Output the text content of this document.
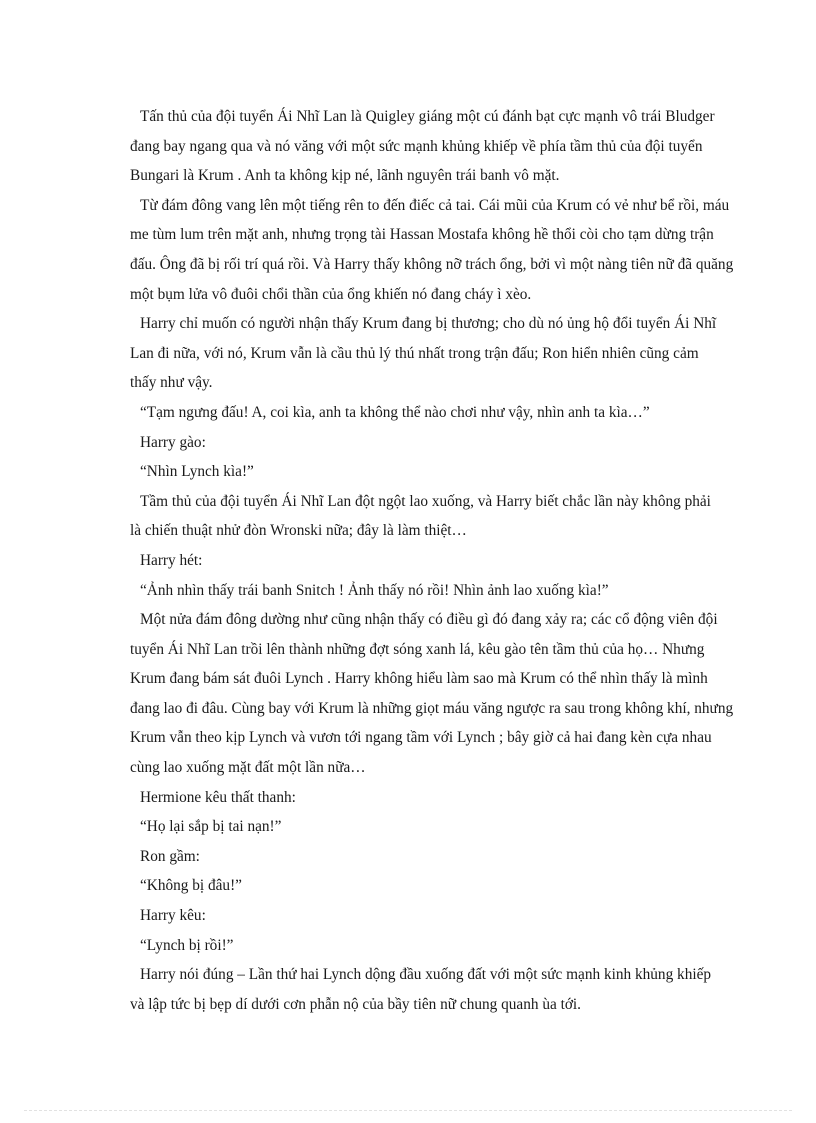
Tấn thủ của đội tuyển Ái Nhĩ Lan là Quigley giáng một cú đánh bạt cực mạnh vô trái Bludger đang bay ngang qua và nó văng với một sức mạnh khủng khiếp về phía tầm thủ của đội tuyển Bungari là Krum . Anh ta không kịp né, lãnh nguyên trái banh vô mặt.

Từ đám đông vang lên một tiếng rên to đến điếc cả tai. Cái mũi của Krum có vẻ như bể rồi, máu me tùm lum trên mặt anh, nhưng trọng tài Hassan Mostafa không hề thổi còi cho tạm dừng trận đấu. Ông đã bị rối trí quá rồi. Và Harry thấy không nỡ trách ổng, bởi vì một nàng tiên nữ đã quăng một bụm lửa vô đuôi chổi thần của ổng khiến nó đang cháy ì xèo.

Harry chỉ muốn có người nhận thấy Krum đang bị thương; cho dù nó ủng hộ đổi tuyển Ái Nhĩ Lan đi nữa, với nó, Krum vẫn là cầu thủ lý thú nhất trong trận đấu; Ron hiển nhiên cũng cảm thấy như vậy.

“Tạm ngưng đấu! A, coi kìa, anh ta không thể nào chơi như vậy, nhìn anh ta kìa…”

Harry gào:

“Nhìn Lynch kìa!”

Tầm thủ của đội tuyển Ái Nhĩ Lan đột ngột lao xuống, và Harry biết chắc lần này không phải là chiến thuật nhử đòn Wronski nữa; đây là làm thiệt…

Harry hét:

“Ảnh nhìn thấy trái banh Snitch ! Ảnh thấy nó rồi! Nhìn ảnh lao xuống kìa!”

Một nửa đám đông dường như cũng nhận thấy có điều gì đó đang xảy ra; các cổ động viên đội tuyển Ái Nhĩ Lan trồi lên thành những đợt sóng xanh lá, kêu gào tên tầm thủ của họ… Nhưng Krum đang bám sát đuôi Lynch . Harry không hiểu làm sao mà Krum có thể nhìn thấy là mình đang lao đi đâu. Cùng bay với Krum là những giọt máu văng ngược ra sau trong không khí, nhưng Krum vẫn theo kịp Lynch và vươn tới ngang tầm với Lynch ; bây giờ cả hai đang kèn cựa nhau cùng lao xuống mặt đất một lần nữa…

Hermione kêu thất thanh:

“Họ lại sắp bị tai nạn!”

Ron gầm:

“Không bị đâu!”

Harry kêu:

“Lynch bị rồi!”

Harry nói đúng – Lần thứ hai Lynch dộng đầu xuống đất với một sức mạnh kinh khủng khiếp và lập tức bị bẹp dí dưới cơn phẫn nộ của bầy tiên nữ chung quanh ùa tới.
